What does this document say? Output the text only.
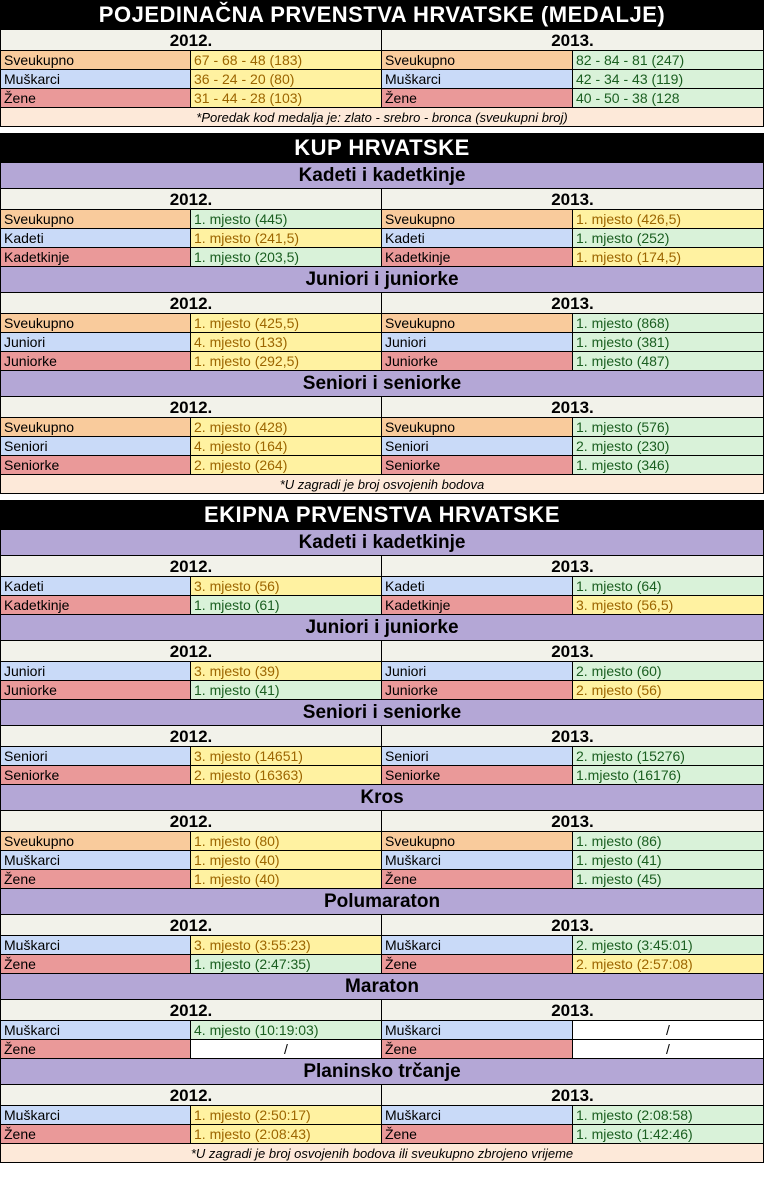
POJEDINAČNA PRVENSTVA HRVATSKE (MEDALJE)
2012.	2013.
Sveukupno	67 - 68 - 48 (183)	Sveukupno	82 - 84 - 81 (247)
Muškarci	36 - 24 - 20 (80)	Muškarci	42 - 34 - 43 (119)
Žene	31 - 44 - 28 (103)	Žene	40 - 50 - 38 (128
*Poredak kod medalja je: zlato - srebro - bronca (sveukupni broj)
KUP HRVATSKE
Kadeti i kadetkinje
2012.	2013.
Sveukupno	1. mjesto (445)	Sveukupno	1. mjesto (426,5)
Kadeti	1. mjesto (241,5)	Kadeti	1. mjesto (252)
Kadetkinje	1. mjesto (203,5)	Kadetkinje	1. mjesto (174,5)
Juniori i juniorke
2012.	2013.
Sveukupno	1. mjesto (425,5)	Sveukupno	1. mjesto (868)
Juniori	4. mjesto (133)	Juniori	1. mjesto (381)
Juniorke	1. mjesto (292,5)	Juniorke	1. mjesto (487)
Seniori i seniorke
2012.	2013.
Sveukupno	2. mjesto (428)	Sveukupno	1. mjesto (576)
Seniori	4. mjesto (164)	Seniori	2. mjesto (230)
Seniorke	2. mjesto (264)	Seniorke	1. mjesto (346)
*U zagradi je broj osvojenih bodova
EKIPNA PRVENSTVA HRVATSKE
Kadeti i kadetkinje
2012.	2013.
Kadeti	3. mjesto (56)	Kadeti	1. mjesto (64)
Kadetkinje	1. mjesto (61)	Kadetkinje	3. mjesto (56,5)
Juniori i juniorke
2012.	2013.
Juniori	3. mjesto (39)	Juniori	2. mjesto (60)
Juniorke	1. mjesto (41)	Juniorke	2. mjesto (56)
Seniori i seniorke
2012.	2013.
Seniori	3. mjesto (14651)	Seniori	2. mjesto (15276)
Seniorke	2. mjesto (16363)	Seniorke	1.mjesto (16176)
Kros
2012.	2013.
Sveukupno	1. mjesto (80)	Sveukupno	1. mjesto (86)
Muškarci	1. mjesto (40)	Muškarci	1. mjesto (41)
Žene	1. mjesto (40)	Žene	1. mjesto (45)
Polumaraton
2012.	2013.
Muškarci	3. mjesto (3:55:23)	Muškarci	2. mjesto (3:45:01)
Žene	1. mjesto (2:47:35)	Žene	2. mjesto (2:57:08)
Maraton
2012.	2013.
Muškarci	4. mjesto (10:19:03)	Muškarci	/
Žene	/	Žene	/
Planinsko trčanje
2012.	2013.
Muškarci	1. mjesto (2:50:17)	Muškarci	1. mjesto (2:08:58)
Žene	1. mjesto (2:08:43)	Žene	1. mjesto (1:42:46)
*U zagradi je broj osvojenih bodova ili sveukupno zbrojeno vrijeme
